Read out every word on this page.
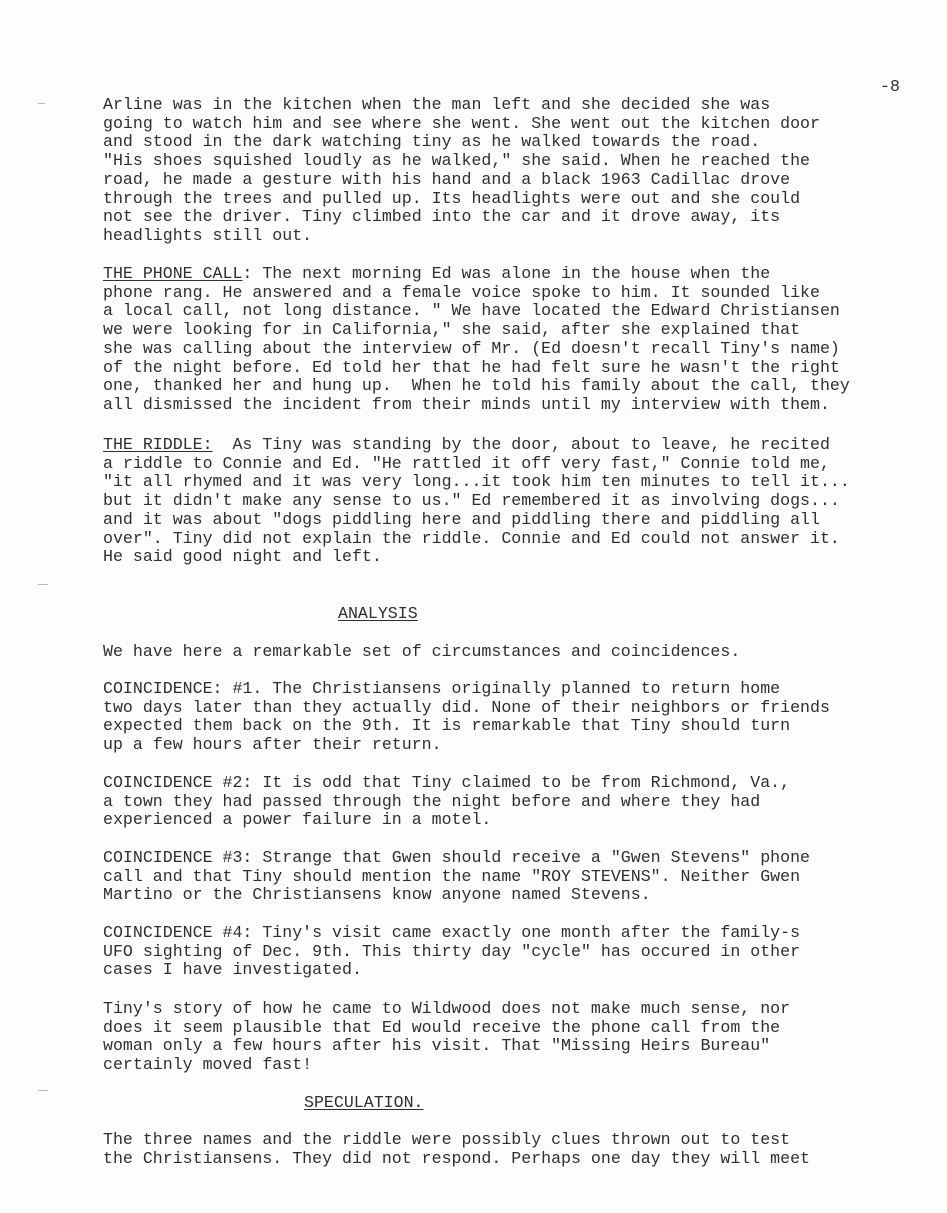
-8
Arline was in the kitchen when the man left and she decided she was
going to watch him and see where she went. She went out the kitchen door
and stood in the dark watching tiny as he walked towards the road.
"His shoes squished loudly as he walked," she said. When he reached the
road, he made a gesture with his hand and a black 1963 Cadillac drove
through the trees and pulled up. Its headlights were out and she could
not see the driver. Tiny climbed into the car and it drove away, its
headlights still out.
THE PHONE CALL: The next morning Ed was alone in the house when the
phone rang. He answered and a female voice spoke to him. It sounded like
a local call, not long distance. " We have located the Edward Christiansen
we were looking for in California," she said, after she explained that
she was calling about the interview of Mr. (Ed doesn't recall Tiny's name)
of the night before. Ed told her that he had felt sure he wasn't the right
one, thanked her and hung up.  When he told his family about the call, they
all dismissed the incident from their minds until my interview with them.
THE RIDDLE:  As Tiny was standing by the door, about to leave, he recited
a riddle to Connie and Ed. "He rattled it off very fast," Connie told me,
"it all rhymed and it was very long...it took him ten minutes to tell it...
but it didn't make any sense to us." Ed remembered it as involving dogs...
and it was about "dogs piddling here and piddling there and piddling all
over". Tiny did not explain the riddle. Connie and Ed could not answer it.
He said good night and left.
ANALYSIS
We have here a remarkable set of circumstances and coincidences.
COINCIDENCE: #1. The Christiansens originally planned to return home
two days later than they actually did. None of their neighbors or friends
expected them back on the 9th. It is remarkable that Tiny should turn
up a few hours after their return.
COINCIDENCE #2: It is odd that Tiny claimed to be from Richmond, Va.,
a town they had passed through the night before and where they had
experienced a power failure in a motel.
COINCIDENCE #3: Strange that Gwen should receive a "Gwen Stevens" phone
call and that Tiny should mention the name "ROY STEVENS". Neither Gwen
Martino or the Christiansens know anyone named Stevens.
COINCIDENCE #4: Tiny's visit came exactly one month after the family-s
UFO sighting of Dec. 9th. This thirty day "cycle" has occured in other
cases I have investigated.
Tiny's story of how he came to Wildwood does not make much sense, nor
does it seem plausible that Ed would receive the phone call from the
woman only a few hours after his visit. That "Missing Heirs Bureau"
certainly moved fast!
SPECULATION.
The three names and the riddle were possibly clues thrown out to test
the Christiansens. They did not respond. Perhaps one day they will meet
